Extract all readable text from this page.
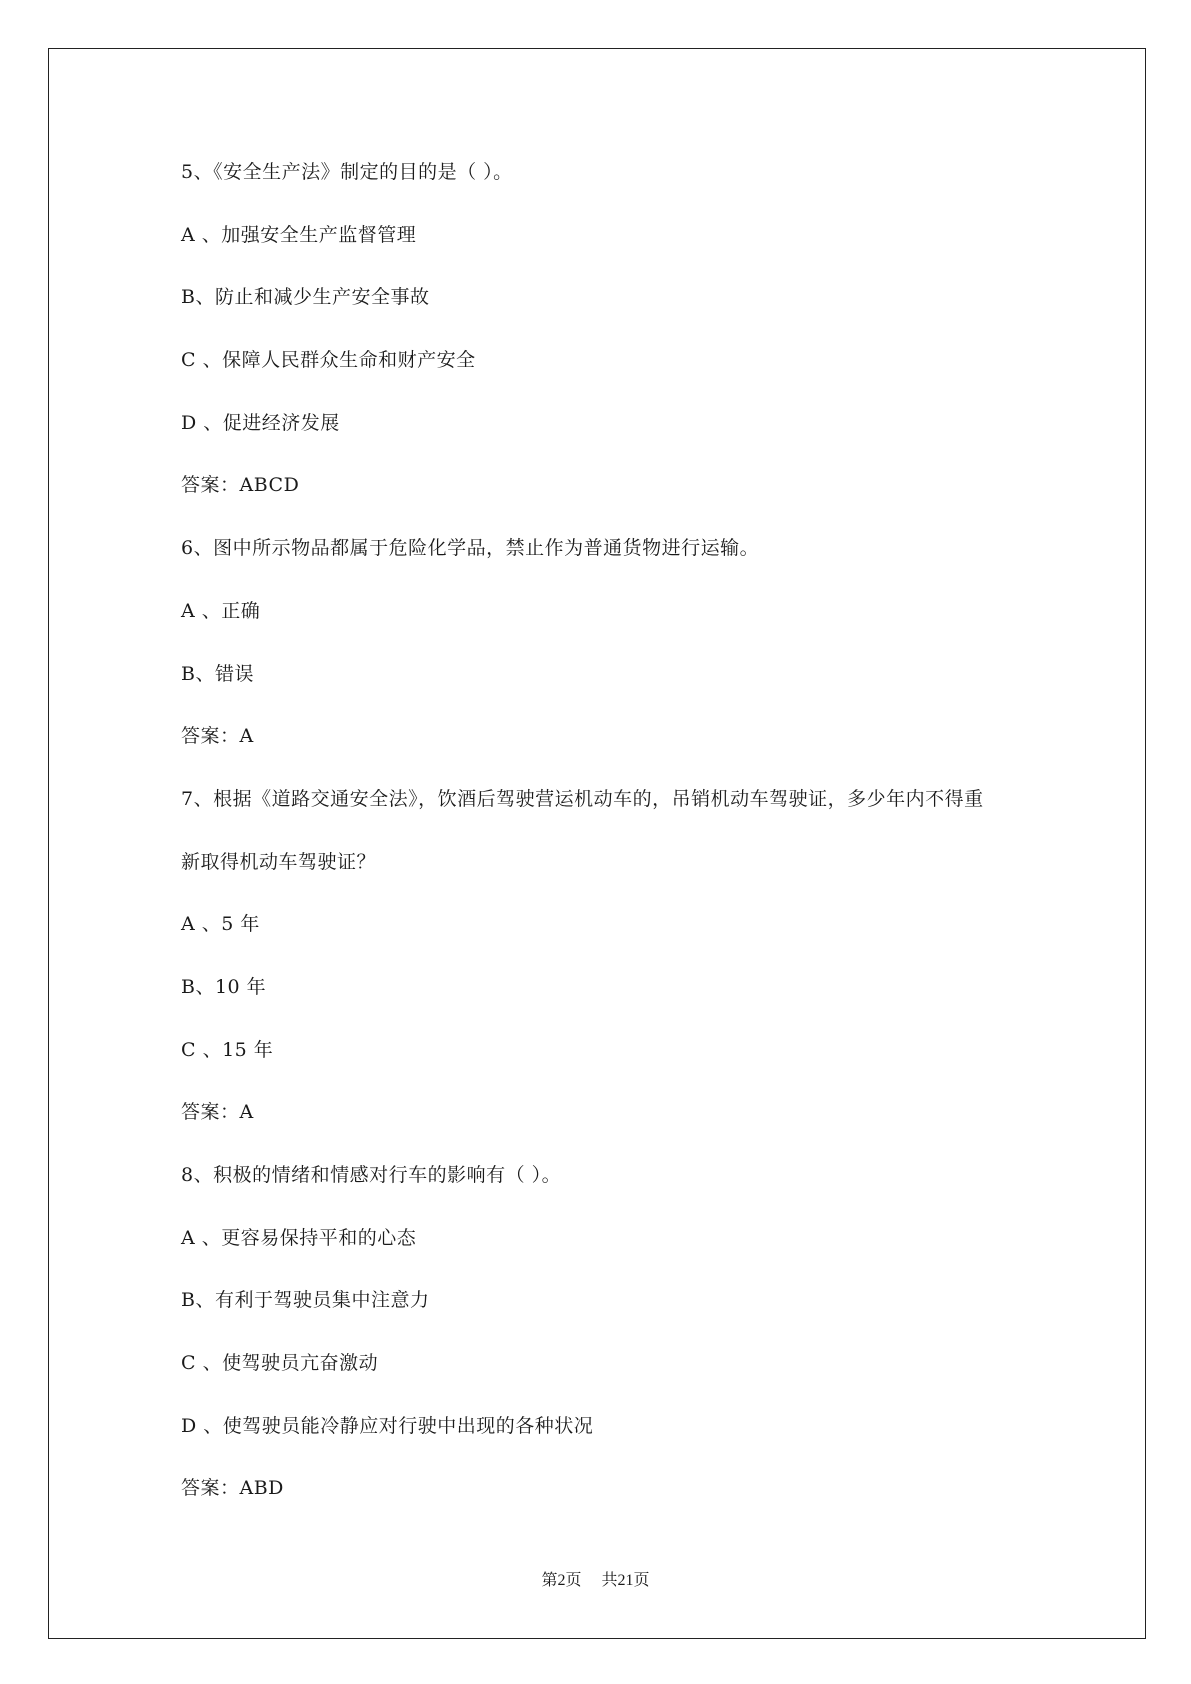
5、《安全生产法》制定的目的是（ ）。
A 、加强安全生产监督管理
B、防止和减少生产安全事故
C 、保障人民群众生命和财产安全
D 、促进经济发展
答案：ABCD
6、图中所示物品都属于危险化学品，禁止作为普通货物进行运输。
A 、正确
B、错误
答案：A
7、根据《道路交通安全法》，饮酒后驾驶营运机动车的，吊销机动车驾驶证，多少年内不得重
新取得机动车驾驶证？
A 、5 年
B、10 年
C 、15 年
答案：A
8、积极的情绪和情感对行车的影响有（ ）。
A 、更容易保持平和的心态
B、有利于驾驶员集中注意力
C 、使驾驶员亢奋激动
D 、使驾驶员能冷静应对行驶中出现的各种状况
答案：ABD
第2页 共21页
